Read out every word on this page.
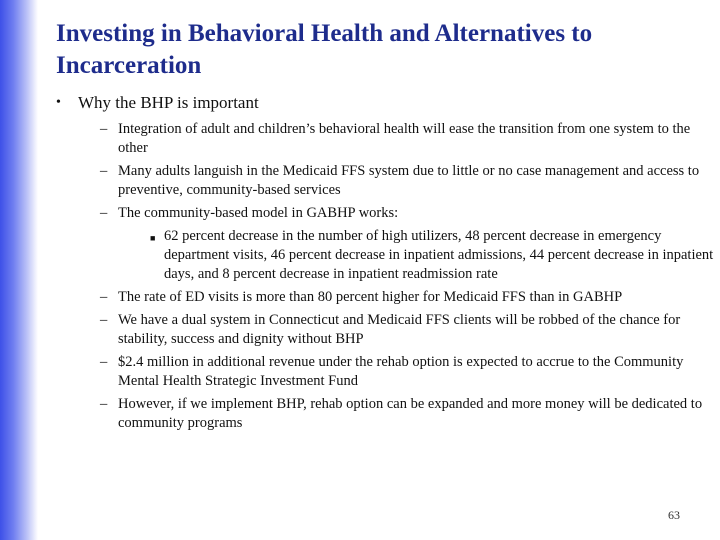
Investing in Behavioral Health and Alternatives to Incarceration
•	Why the BHP is important
– Integration of adult and children’s behavioral health will ease the transition from one system to the other
– Many adults languish in the Medicaid FFS system due to little or no case management and access to preventive, community-based services
– The community-based model in GABHP works:
■ 62 percent decrease in the number of high utilizers, 48 percent decrease in emergency department visits, 46 percent decrease in inpatient admissions, 44 percent decrease in inpatient days, and 8 percent decrease in inpatient readmission rate
– The rate of ED visits is more than 80 percent higher for Medicaid FFS than in GABHP
– We have a dual system in Connecticut and Medicaid FFS clients will be robbed of the chance for stability, success and dignity without BHP
– $2.4 million in additional revenue under the rehab option is expected to accrue to the Community Mental Health Strategic Investment Fund
– However, if we implement BHP, rehab option can be expanded and more money will be dedicated to community programs
63
